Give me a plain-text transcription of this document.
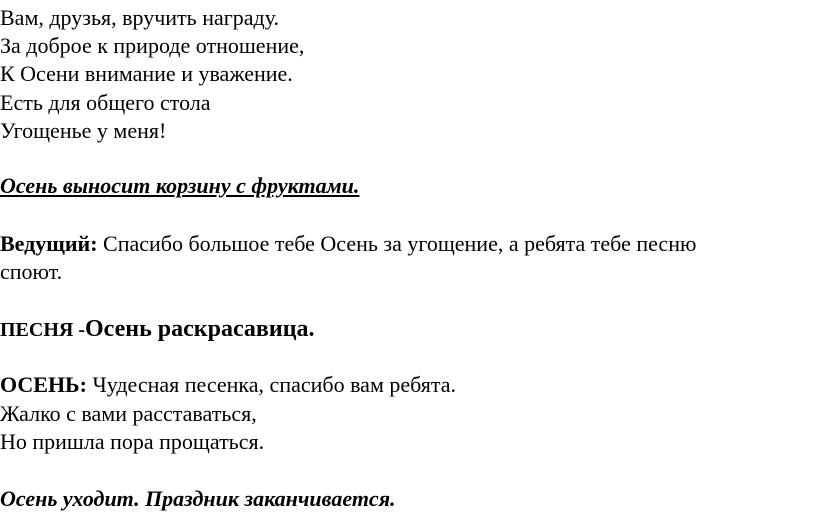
Вам, друзья, вручить награду.
За доброе к природе отношение,
К Осени внимание и уважение.
Есть для общего стола
Угощенье у меня!
Осень выносит корзину с фруктами.
Ведущий: Спасибо большое тебе Осень за угощение, а ребята тебе песню
споют.
ПЕСНЯ -Осень раскрасавица.
ОСЕНЬ: Чудесная песенка, спасибо вам ребята.
Жалко с вами расставаться,
Но пришла пора прощаться.
Осень уходит. Праздник заканчивается.
